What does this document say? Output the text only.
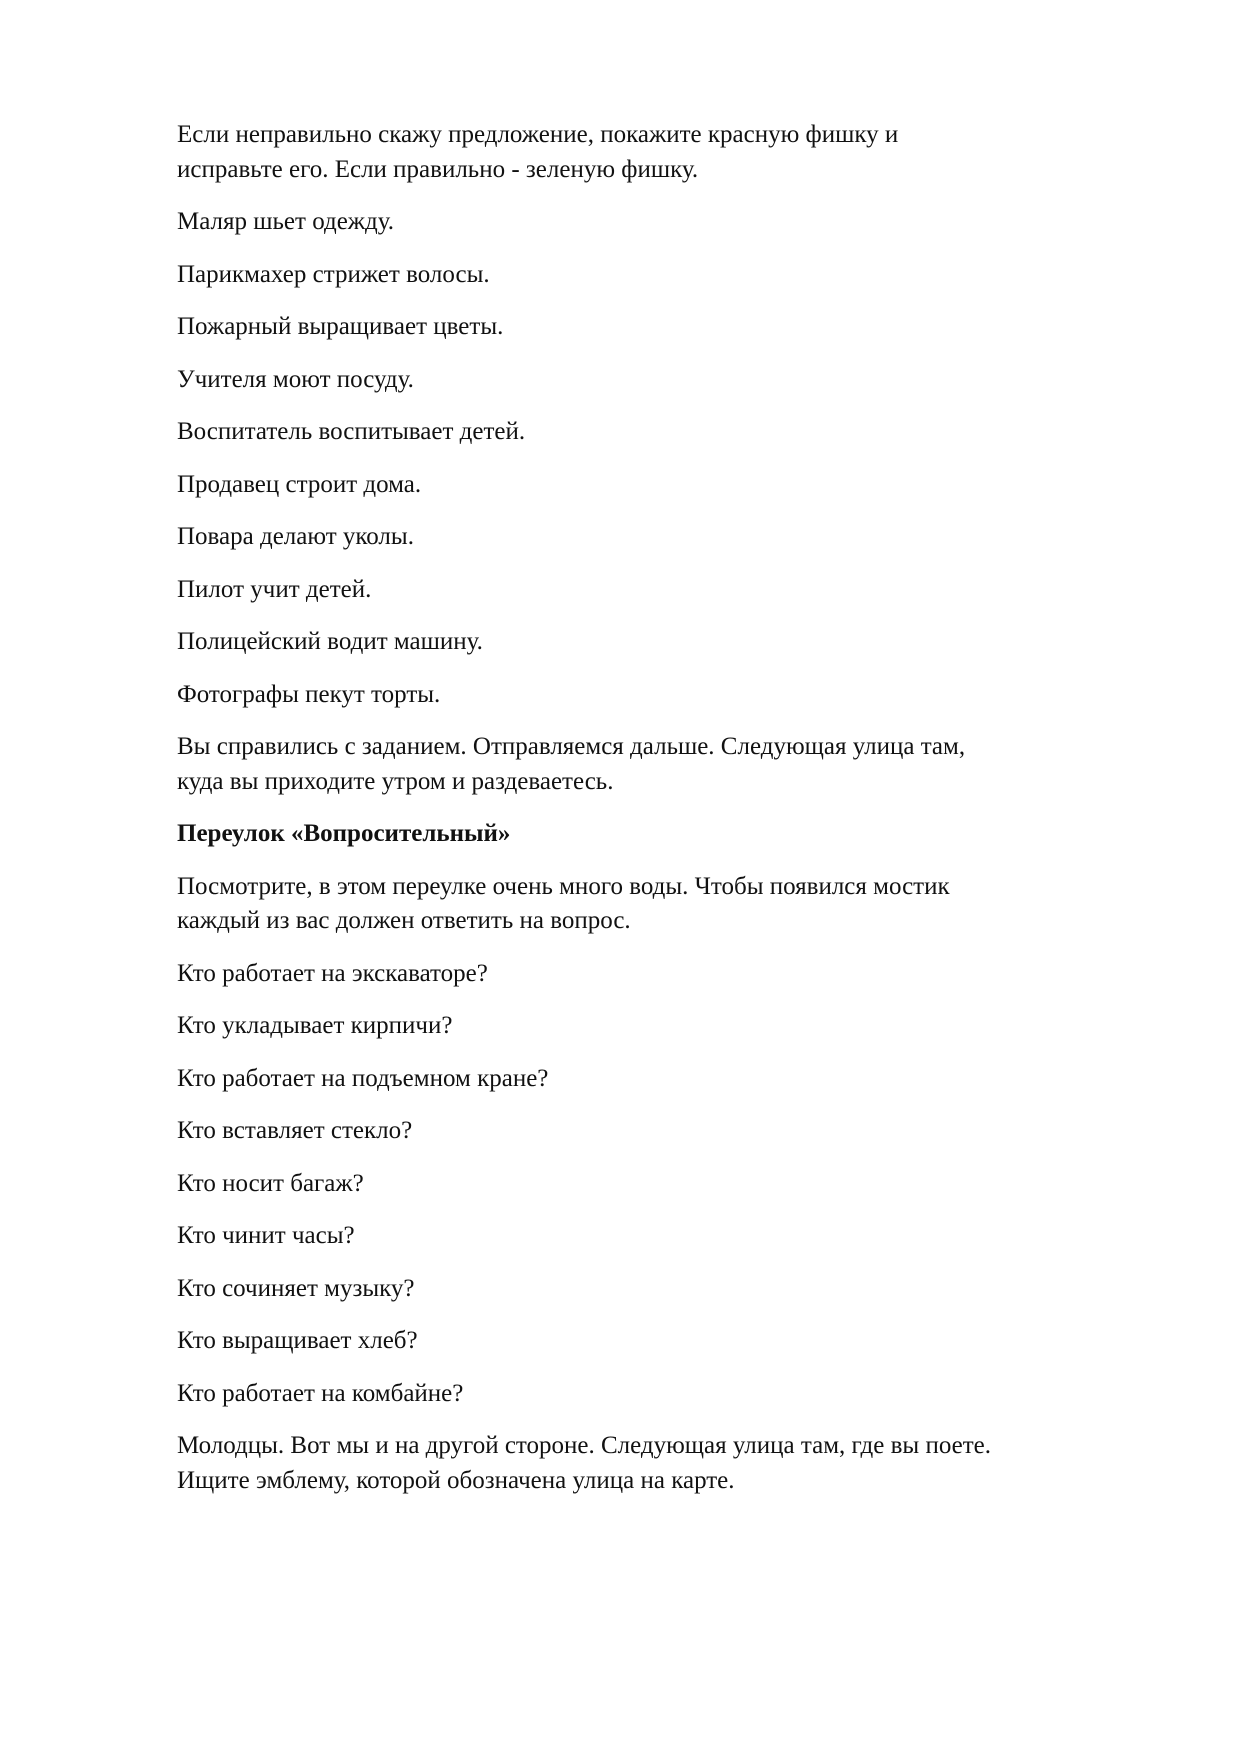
Если неправильно скажу предложение, покажите красную фишку и
исправьте его. Если правильно - зеленую фишку.

Маляр шьет одежду.

Парикмахер стрижет волосы.

Пожарный выращивает цветы.

Учителя моют посуду.

Воспитатель воспитывает детей.

Продавец строит дома.

Повара делают уколы.

Пилот учит детей.

Полицейский водит машину.

Фотографы пекут торты.

Вы справились с заданием. Отправляемся дальше. Следующая улица там,
куда вы приходите утром и раздеваетесь.

Переулок «Вопросительный»

Посмотрите, в этом переулке очень много воды. Чтобы появился мостик
каждый из вас должен ответить на вопрос.

Кто работает на экскаваторе?

Кто укладывает кирпичи?

Кто работает на подъемном кране?

Кто вставляет стекло?

Кто носит багаж?

Кто чинит часы?

Кто сочиняет музыку?

Кто выращивает хлеб?

Кто работает на комбайне?

Молодцы. Вот мы и на другой стороне. Следующая улица там, где вы поете.
Ищите эмблему, которой обозначена улица на карте.
